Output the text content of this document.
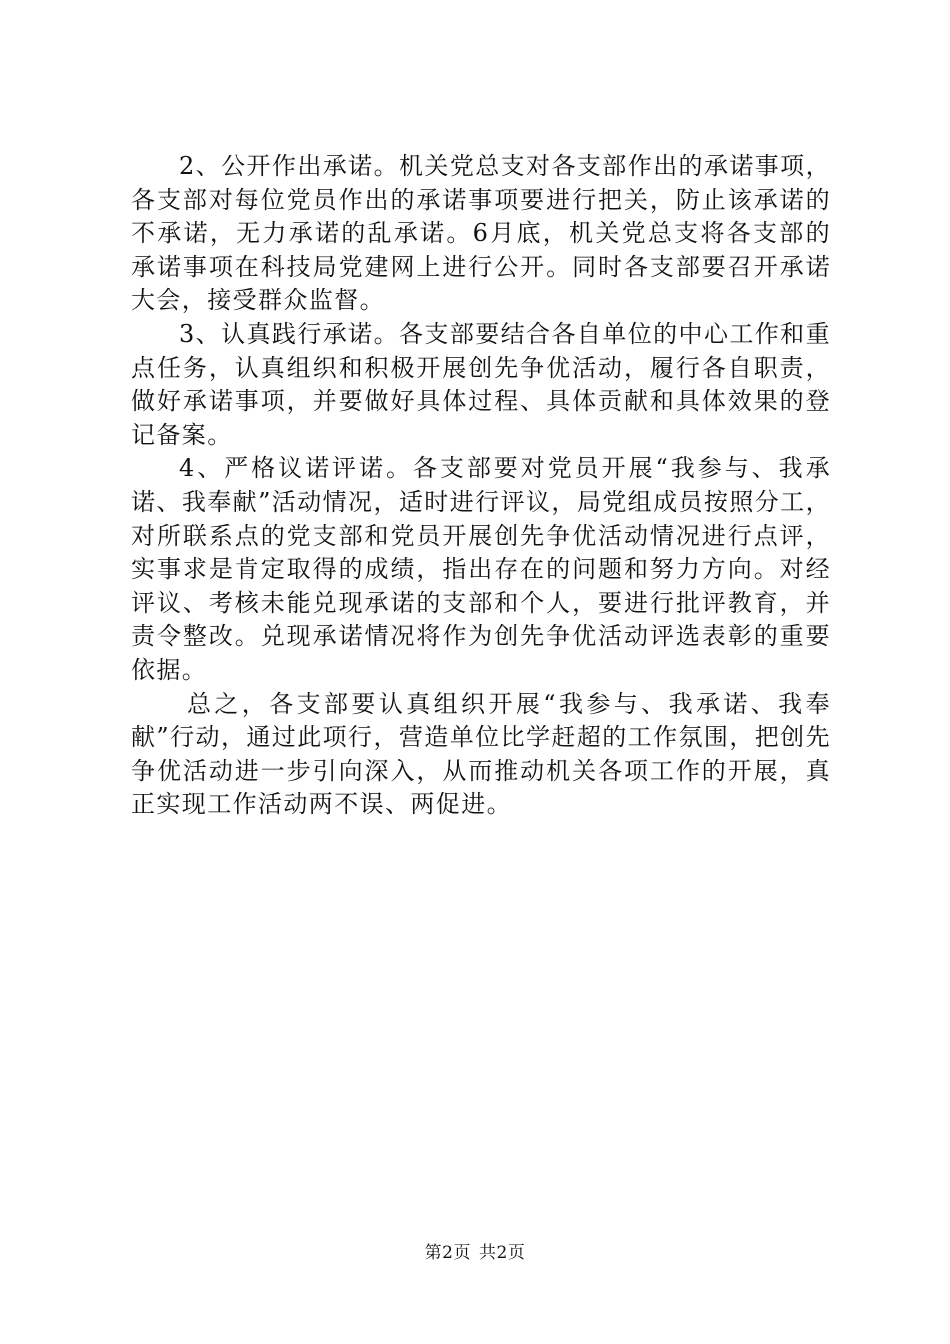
2、公开作出承诺。机关党总支对各支部作出的承诺事项，各支部对每位党员作出的承诺事项要进行把关，防止该承诺的不承诺，无力承诺的乱承诺。6月底，机关党总支将各支部的承诺事项在科技局党建网上进行公开。同时各支部要召开承诺大会，接受群众监督。

3、认真践行承诺。各支部要结合各自单位的中心工作和重点任务，认真组织和积极开展创先争优活动，履行各自职责，做好承诺事项，并要做好具体过程、具体贡献和具体效果的登记备案。

4、严格议诺评诺。各支部要对党员开展“我参与、我承诺、我奉献”活动情况，适时进行评议，局党组成员按照分工，对所联系点的党支部和党员开展创先争优活动情况进行点评，实事求是肯定取得的成绩，指出存在的问题和努力方向。对经评议、考核未能兑现承诺的支部和个人，要进行批评教育，并责令整改。兑现承诺情况将作为创先争优活动评选表彰的重要依据。

总之，各支部要认真组织开展“我参与、我承诺、我奉献”行动，通过此项行，营造单位比学赶超的工作氛围，把创先争优活动进一步引向深入，从而推动机关各项工作的开展，真正实现工作活动两不误、两促进。

第2页 共2页
